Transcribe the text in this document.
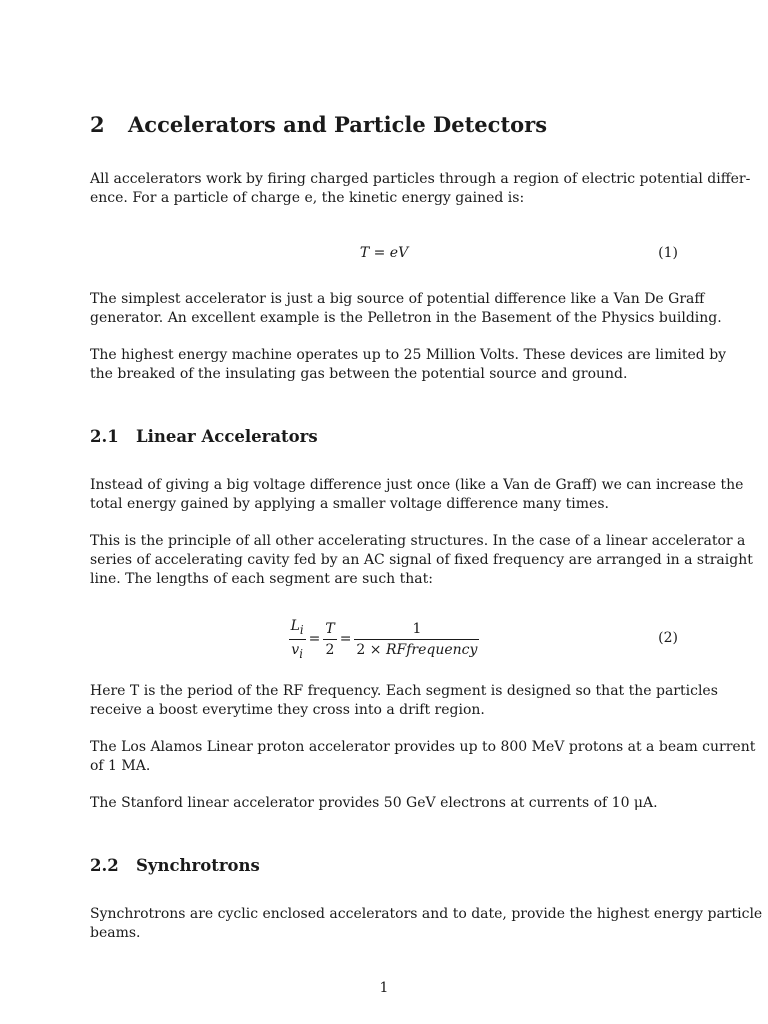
2 Accelerators and Particle Detectors

All accelerators work by firing charged particles through a region of electric potential differ-
ence. For a particle of charge e, the kinetic energy gained is:

T = eV	(1)

The simplest accelerator is just a big source of potential difference like a Van De Graff
generator. An excellent example is the Pelletron in the Basement of the Physics building.

The highest energy machine operates up to 25 Million Volts. These devices are limited by
the breaked of the insulating gas between the potential source and ground.

2.1 Linear Accelerators

Instead of giving a big voltage difference just once (like a Van de Graff) we can increase the
total energy gained by applying a smaller voltage difference many times.

This is the principle of all other accelerating structures. In the case of a linear accelerator a
series of accelerating cavity fed by an AC signal of fixed frequency are arranged in a straight
line. The lengths of each segment are such that:

$\frac{L_i}{v_i} = \frac{T}{2} = \frac{1}{\text{2 × RFfrequency}}$	(2)

Here T is the period of the RF frequency. Each segment is designed so that the particles
receive a boost everytime they cross into a drift region.

The Los Alamos Linear proton accelerator provides up to 800 MeV protons at a beam current
of 1 MA.

The Stanford linear accelerator provides 50 GeV electrons at currents of 10 μA.

2.2 Synchrotrons

Synchrotrons are cyclic enclosed accelerators and to date, provide the highest energy particle
beams.

1
